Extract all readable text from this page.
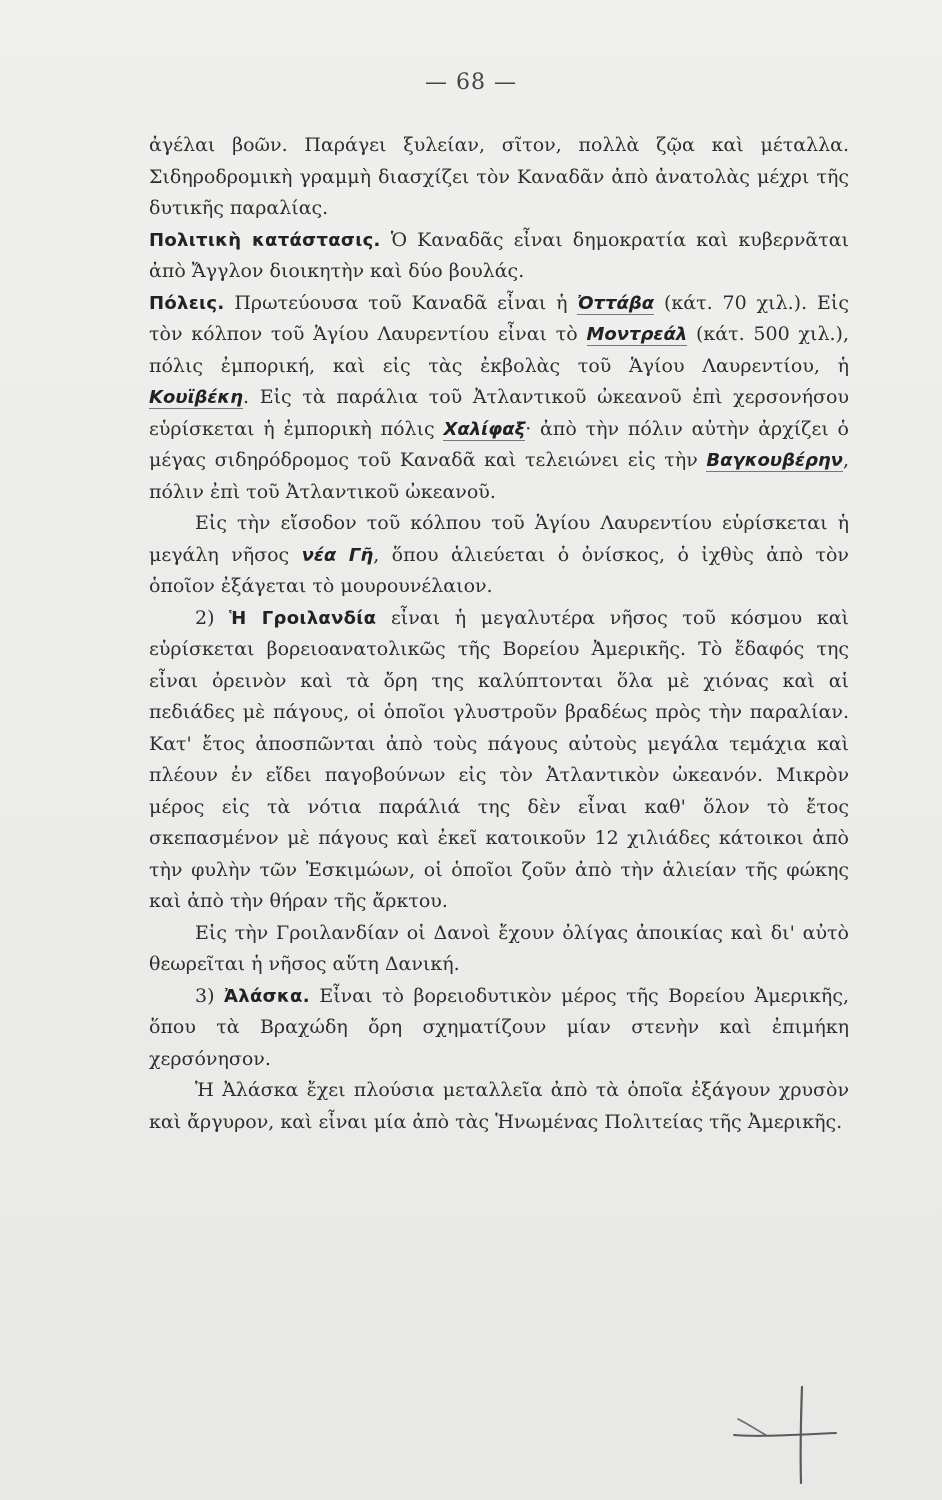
— 68 —

ἀγέλαι βοῶν. Παράγει ξυλείαν, σῖτον, πολλὰ ζῷα καὶ μέταλλα. Σιδηροδρομικὴ γραμμὴ διασχίζει τὸν Καναδᾶν ἀπὸ ἀνατολὰς μέχρι τῆς δυτικῆς παραλίας.

Πολιτικὴ κατάστασις. Ὁ Καναδᾶς εἶναι δημοκρατία καὶ κυβερνᾶται ἀπὸ Ἄγγλον διοικητὴν καὶ δύο βουλάς.

Πόλεις. Πρωτεύουσα τοῦ Καναδᾶ εἶναι ἡ Ὀττάβα (κάτ. 70 χιλ.). Εἰς τὸν κόλπον τοῦ Ἁγίου Λαυρεντίου εἶναι τὸ Μοντρεάλ (κάτ. 500 χιλ.), πόλις ἐμπορική, καὶ εἰς τὰς ἐκβολὰς τοῦ Ἁγίου Λαυρεντίου, ἡ Κουϊβέκη. Εἰς τὰ παράλια τοῦ Ἀτλαντικοῦ ὠκεανοῦ ἐπὶ χερσονήσου εὑρίσκεται ἡ ἐμπορικὴ πόλις Χαλίφαξ· ἀπὸ τὴν πόλιν αὐτὴν ἀρχίζει ὁ μέγας σιδηρόδρομος τοῦ Καναδᾶ καὶ τελειώνει εἰς τὴν Βαγκουβέρην, πόλιν ἐπὶ τοῦ Ἀτλαντικοῦ ὠκεανοῦ.

Εἰς τὴν εἴσοδον τοῦ κόλπου τοῦ Ἁγίου Λαυρεντίου εὑρίσκεται ἡ μεγάλη νῆσος νέα Γῆ, ὅπου ἁλιεύεται ὁ ὀνίσκος, ὁ ἰχθὺς ἀπὸ τὸν ὁποῖον ἐξάγεται τὸ μουρουνέλαιον.

2) Ἡ Γροιλανδία εἶναι ἡ μεγαλυτέρα νῆσος τοῦ κόσμου καὶ εὑρίσκεται βορειοανατολικῶς τῆς Βορείου Ἀμερικῆς. Τὸ ἔδαφός της εἶναι ὀρεινὸν καὶ τὰ ὄρη της καλύπτονται ὅλα μὲ χιόνας καὶ αἱ πεδιάδες μὲ πάγους, οἱ ὁποῖοι γλυστροῦν βραδέως πρὸς τὴν παραλίαν. Κατ' ἔτος ἀποσπῶνται ἀπὸ τοὺς πάγους αὐτοὺς μεγάλα τεμάχια καὶ πλέουν ἐν εἴδει παγοβούνων εἰς τὸν Ἀτλαντικὸν ὠκεανόν. Μικρὸν μέρος εἰς τὰ νότια παράλιά της δὲν εἶναι καθ' ὅλον τὸ ἔτος σκεπασμένον μὲ πάγους καὶ ἐκεῖ κατοικοῦν 12 χιλιάδες κάτοικοι ἀπὸ τὴν φυλὴν τῶν Ἐσκιμώων, οἱ ὁποῖοι ζοῦν ἀπὸ τὴν ἁλιείαν τῆς φώκης καὶ ἀπὸ τὴν θήραν τῆς ἄρκτου.

Εἰς τὴν Γροιλανδίαν οἱ Δανοὶ ἔχουν ὀλίγας ἀποικίας καὶ δι' αὐτὸ θεωρεῖται ἡ νῆσος αὕτη Δανική.

3) Ἀλάσκα. Εἶναι τὸ βορειοδυτικὸν μέρος τῆς Βορείου Ἀμερικῆς, ὅπου τὰ Βραχώδη ὄρη σχηματίζουν μίαν στενὴν καὶ ἐπιμήκη χερσόνησον.

Ἡ Ἀλάσκα ἔχει πλούσια μεταλλεῖα ἀπὸ τὰ ὁποῖα ἐξάγουν χρυσὸν καὶ ἄργυρον, καὶ εἶναι μία ἀπὸ τὰς Ἡνωμένας Πολιτείας τῆς Ἀμερικῆς.
